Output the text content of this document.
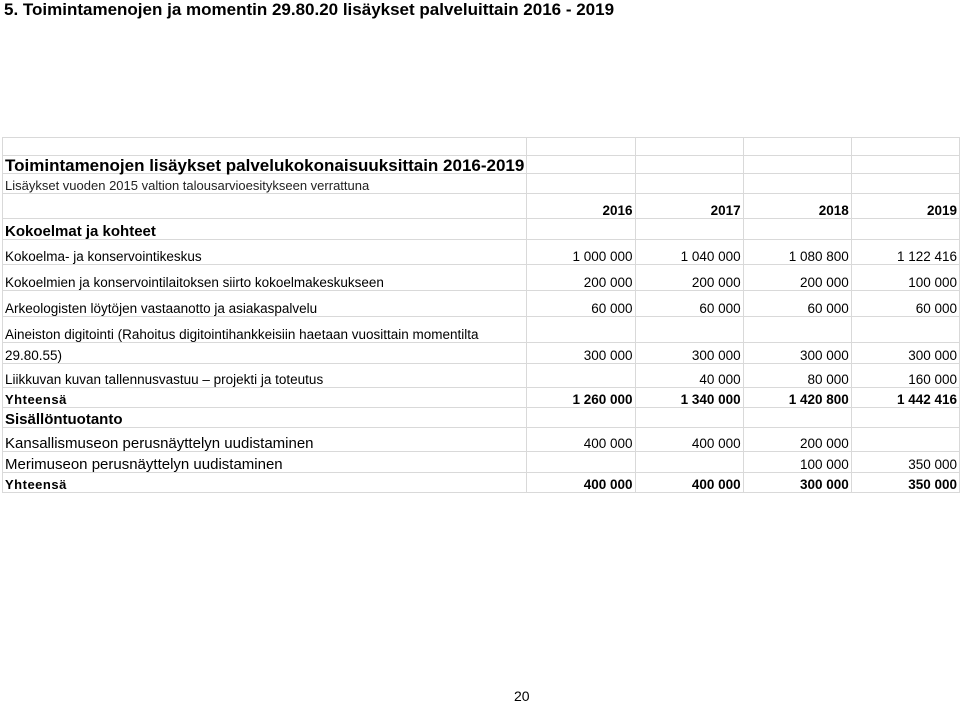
5. Toimintamenojen ja momentin 29.80.20 lisäykset palveluittain 2016 - 2019

Toimintamenojen lisäykset palvelukokonaisuuksittain 2016-2019				
Lisäykset vuoden 2015 valtion talousarvioesitykseen verrattuna				
	2016	2017	2018	2019
Kokoelmat ja kohteet				
Kokoelma- ja konservointikeskus	1 000 000	1 040 000	1 080 800	1 122 416
Kokoelmien ja konservointilaitoksen siirto kokoelmakeskukseen	200 000	200 000	200 000	100 000
Arkeologisten löytöjen vastaanotto ja asiakaspalvelu	60 000	60 000	60 000	60 000
Aineiston digitointi (Rahoitus digitointihankkeisiin haetaan vuosittain momentilta				
29.80.55)	300 000	300 000	300 000	300 000
Liikkuvan kuvan tallennusvastuu – projekti ja toteutus		40 000	80 000	160 000
Yhteensä	1 260 000	1 340 000	1 420 800	1 442 416
Sisällöntuotanto				
Kansallismuseon perusnäyttelyn uudistaminen	400 000	400 000	200 000	
Merimuseon perusnäyttelyn uudistaminen			100 000	350 000
Yhteensä	400 000	400 000	300 000	350 000
20
